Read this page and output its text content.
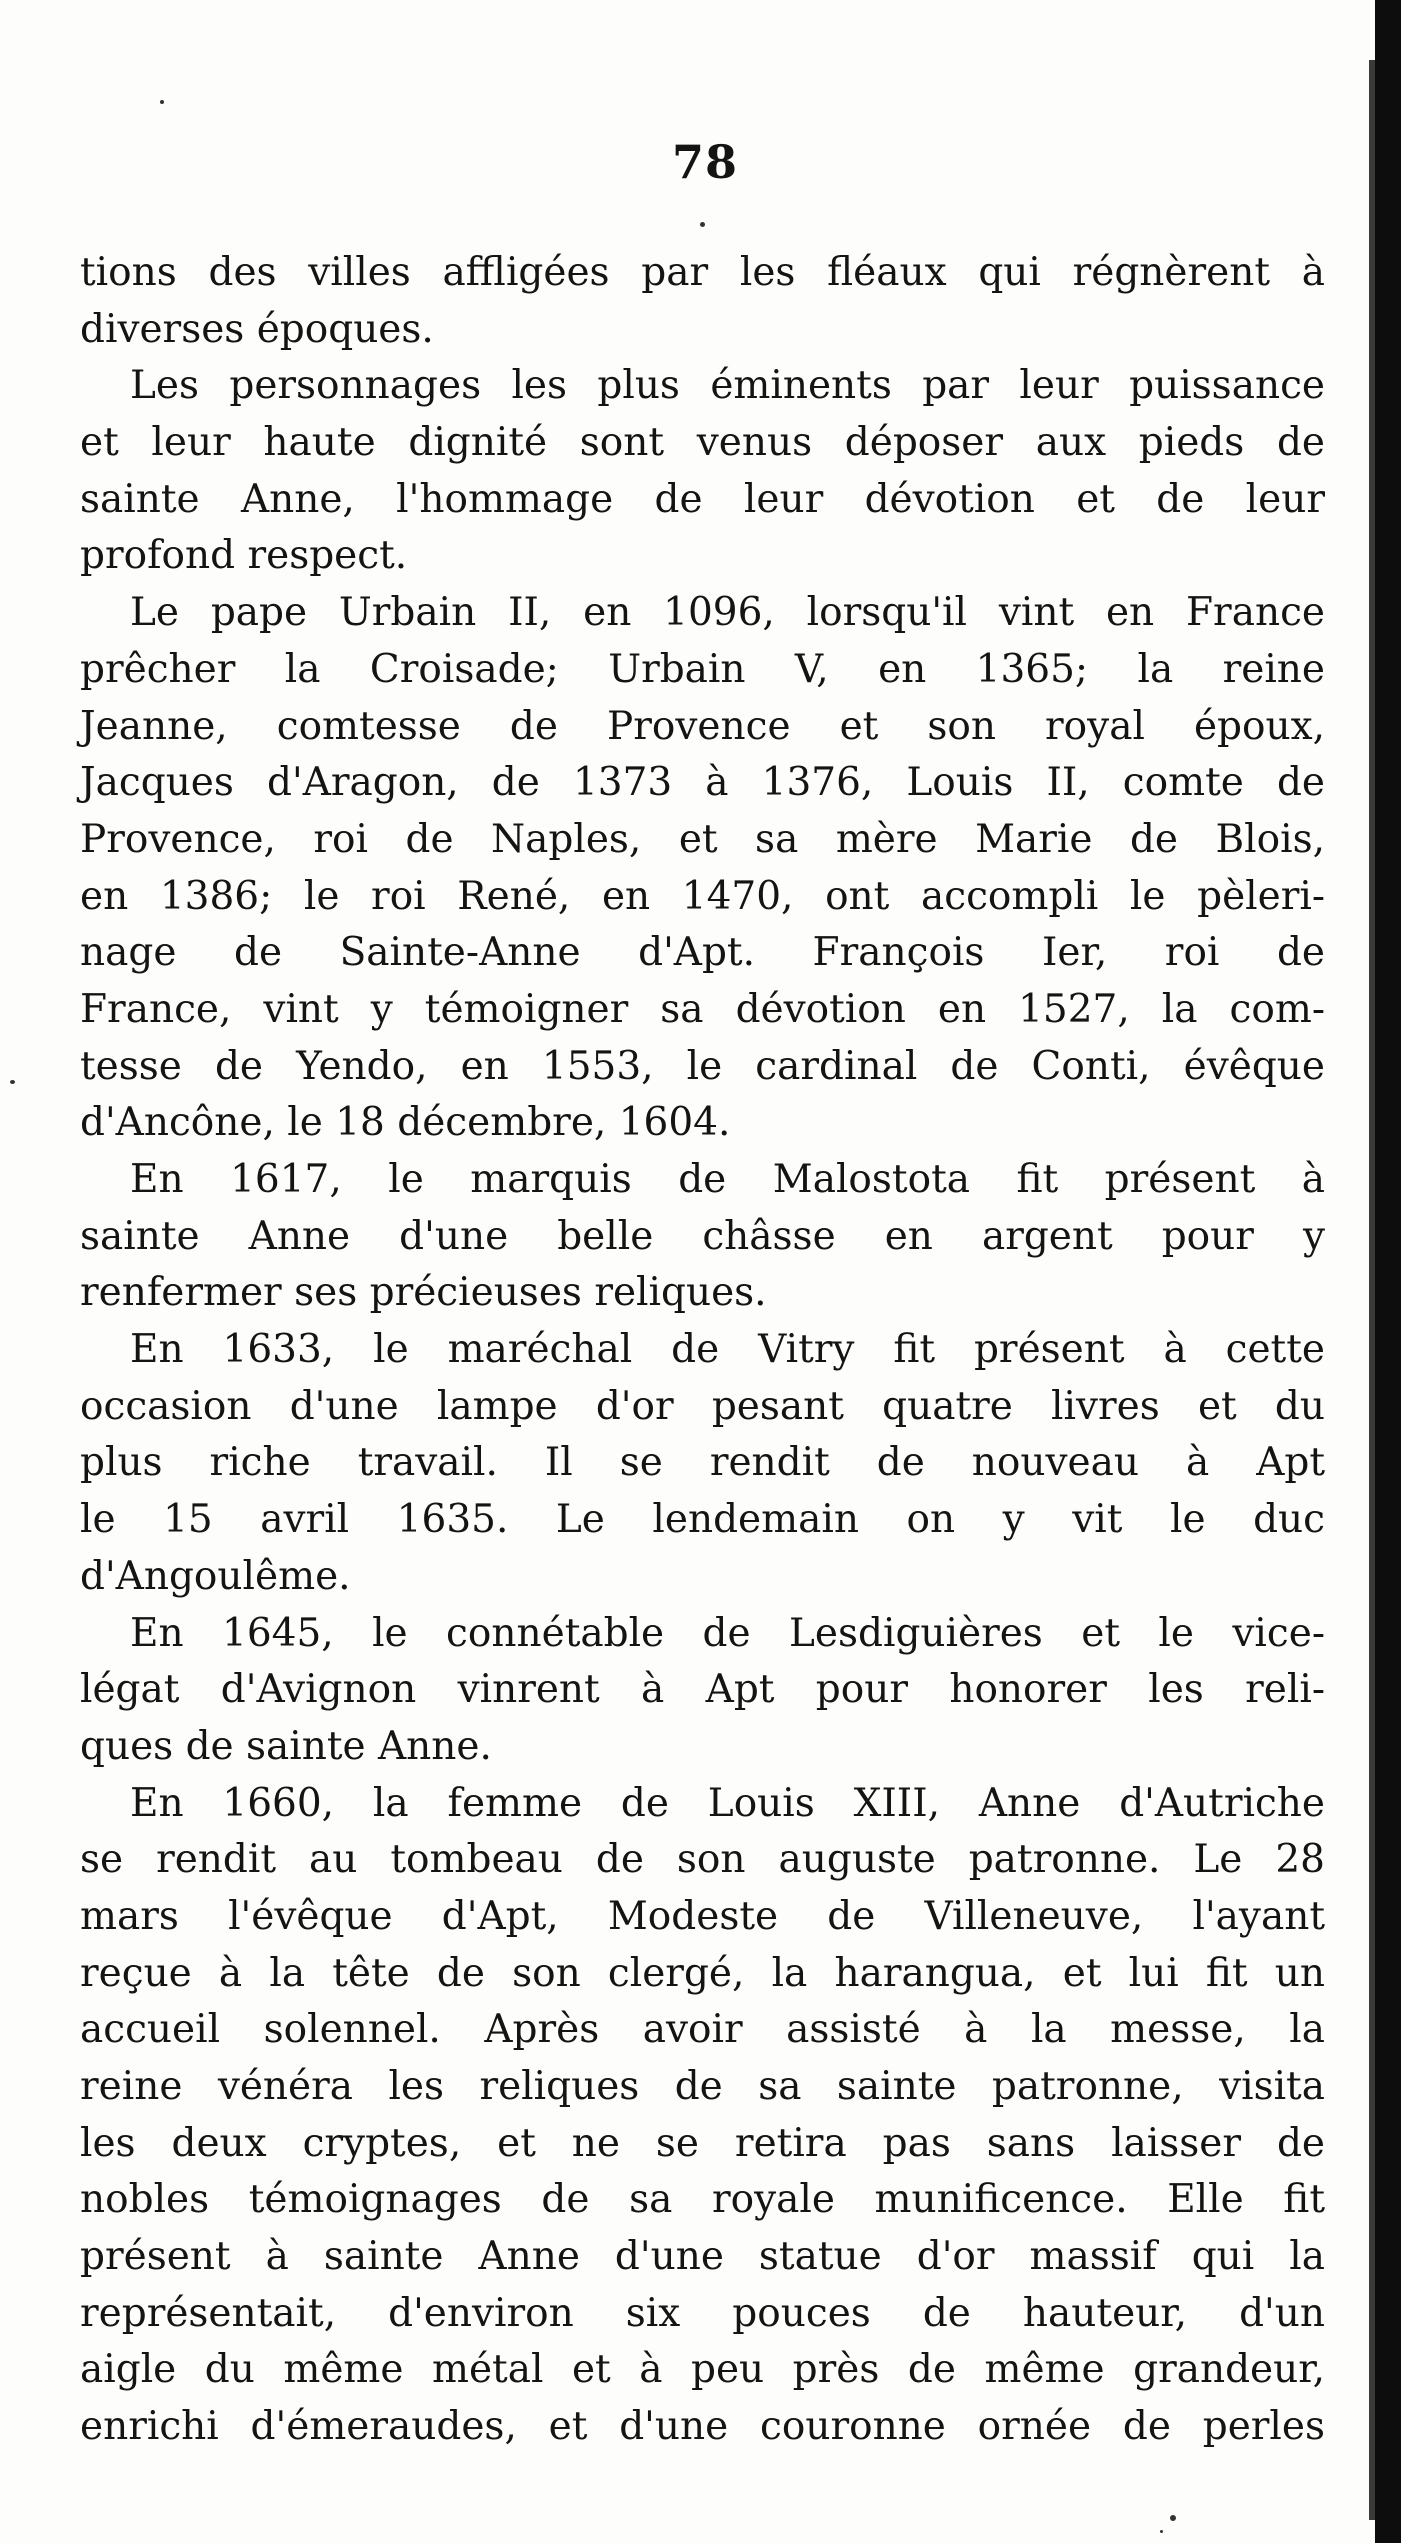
78
tions des villes affligées par les fléaux qui régnèrent à
diverses époques.
Les personnages les plus éminents par leur puissance
et leur haute dignité sont venus déposer aux pieds de
sainte Anne, l'hommage de leur dévotion et de leur
profond respect.
Le pape Urbain II, en 1096, lorsqu'il vint en France
prêcher la Croisade; Urbain V, en 1365; la reine
Jeanne, comtesse de Provence et son royal époux,
Jacques d'Aragon, de 1373 à 1376, Louis II, comte de
Provence, roi de Naples, et sa mère Marie de Blois,
en 1386; le roi René, en 1470, ont accompli le pèleri-
nage de Sainte-Anne d'Apt. François Ier, roi de
France, vint y témoigner sa dévotion en 1527, la com-
tesse de Yendo, en 1553, le cardinal de Conti, évêque
d'Ancône, le 18 décembre, 1604.
En 1617, le marquis de Malostota fit présent à
sainte Anne d'une belle châsse en argent pour y
renfermer ses précieuses reliques.
En 1633, le maréchal de Vitry fit présent à cette
occasion d'une lampe d'or pesant quatre livres et du
plus riche travail. Il se rendit de nouveau à Apt
le 15 avril 1635. Le lendemain on y vit le duc
d'Angoulême.
En 1645, le connétable de Lesdiguières et le vice-
légat d'Avignon vinrent à Apt pour honorer les reli-
ques de sainte Anne.
En 1660, la femme de Louis XIII, Anne d'Autriche
se rendit au tombeau de son auguste patronne. Le 28
mars l'évêque d'Apt, Modeste de Villeneuve, l'ayant
reçue à la tête de son clergé, la harangua, et lui fit un
accueil solennel. Après avoir assisté à la messe, la
reine vénéra les reliques de sa sainte patronne, visita
les deux cryptes, et ne se retira pas sans laisser de
nobles témoignages de sa royale munificence. Elle fit
présent à sainte Anne d'une statue d'or massif qui la
représentait, d'environ six pouces de hauteur, d'un
aigle du même métal et à peu près de même grandeur,
enrichi d'émeraudes, et d'une couronne ornée de perles
